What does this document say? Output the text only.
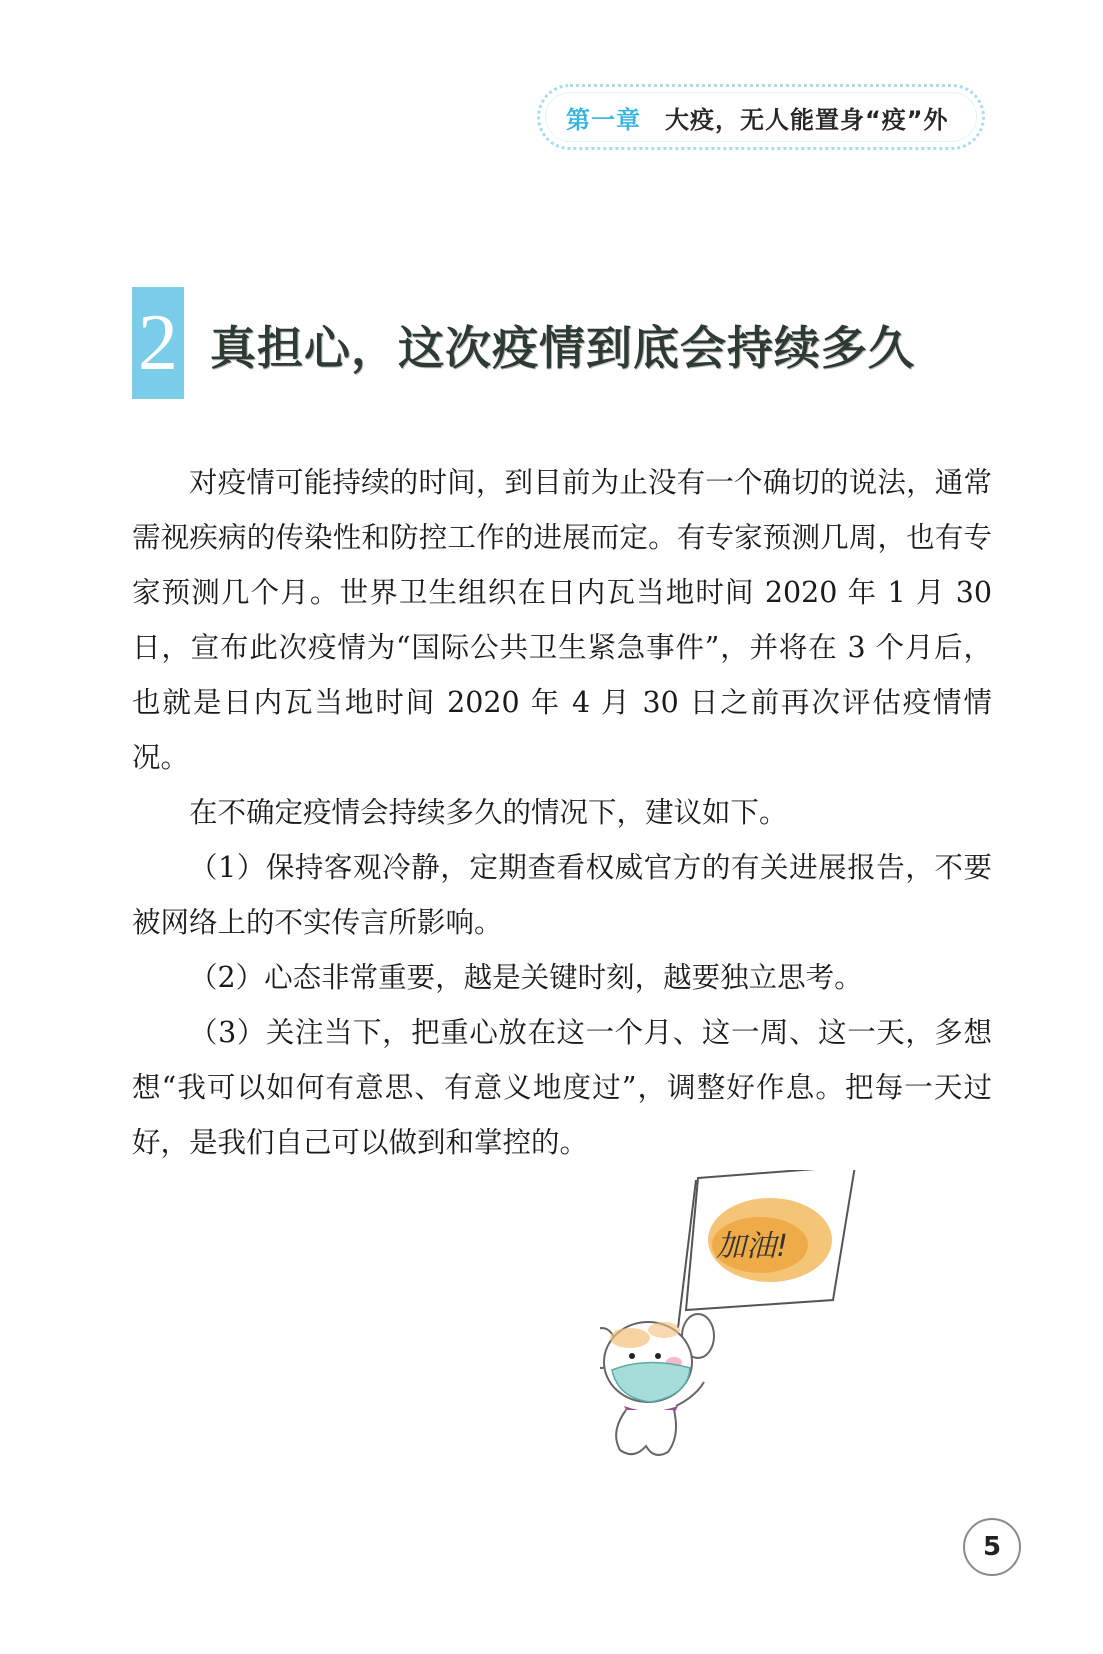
第一章 大疫，无人能置身“疫”外
2 真担心，这次疫情到底会持续多久

对疫情可能持续的时间，到目前为止没有一个确切的说法，通常需视疾病的传染性和防控工作的进展而定。有专家预测几周，也有专家预测几个月。世界卫生组织在日内瓦当地时间 2020 年 1 月 30 日，宣布此次疫情为“国际公共卫生紧急事件”，并将在 3 个月后，也就是日内瓦当地时间 2020 年 4 月 30 日之前再次评估疫情情况。

在不确定疫情会持续多久的情况下，建议如下。

（1）保持客观冷静，定期查看权威官方的有关进展报告，不要被网络上的不实传言所影响。

（2）心态非常重要，越是关键时刻，越要独立思考。

（3）关注当下，把重心放在这一个月、这一周、这一天，多想想“我可以如何有意思、有意义地度过”，调整好作息。把每一天过好，是我们自己可以做到和掌控的。

加油!
5
